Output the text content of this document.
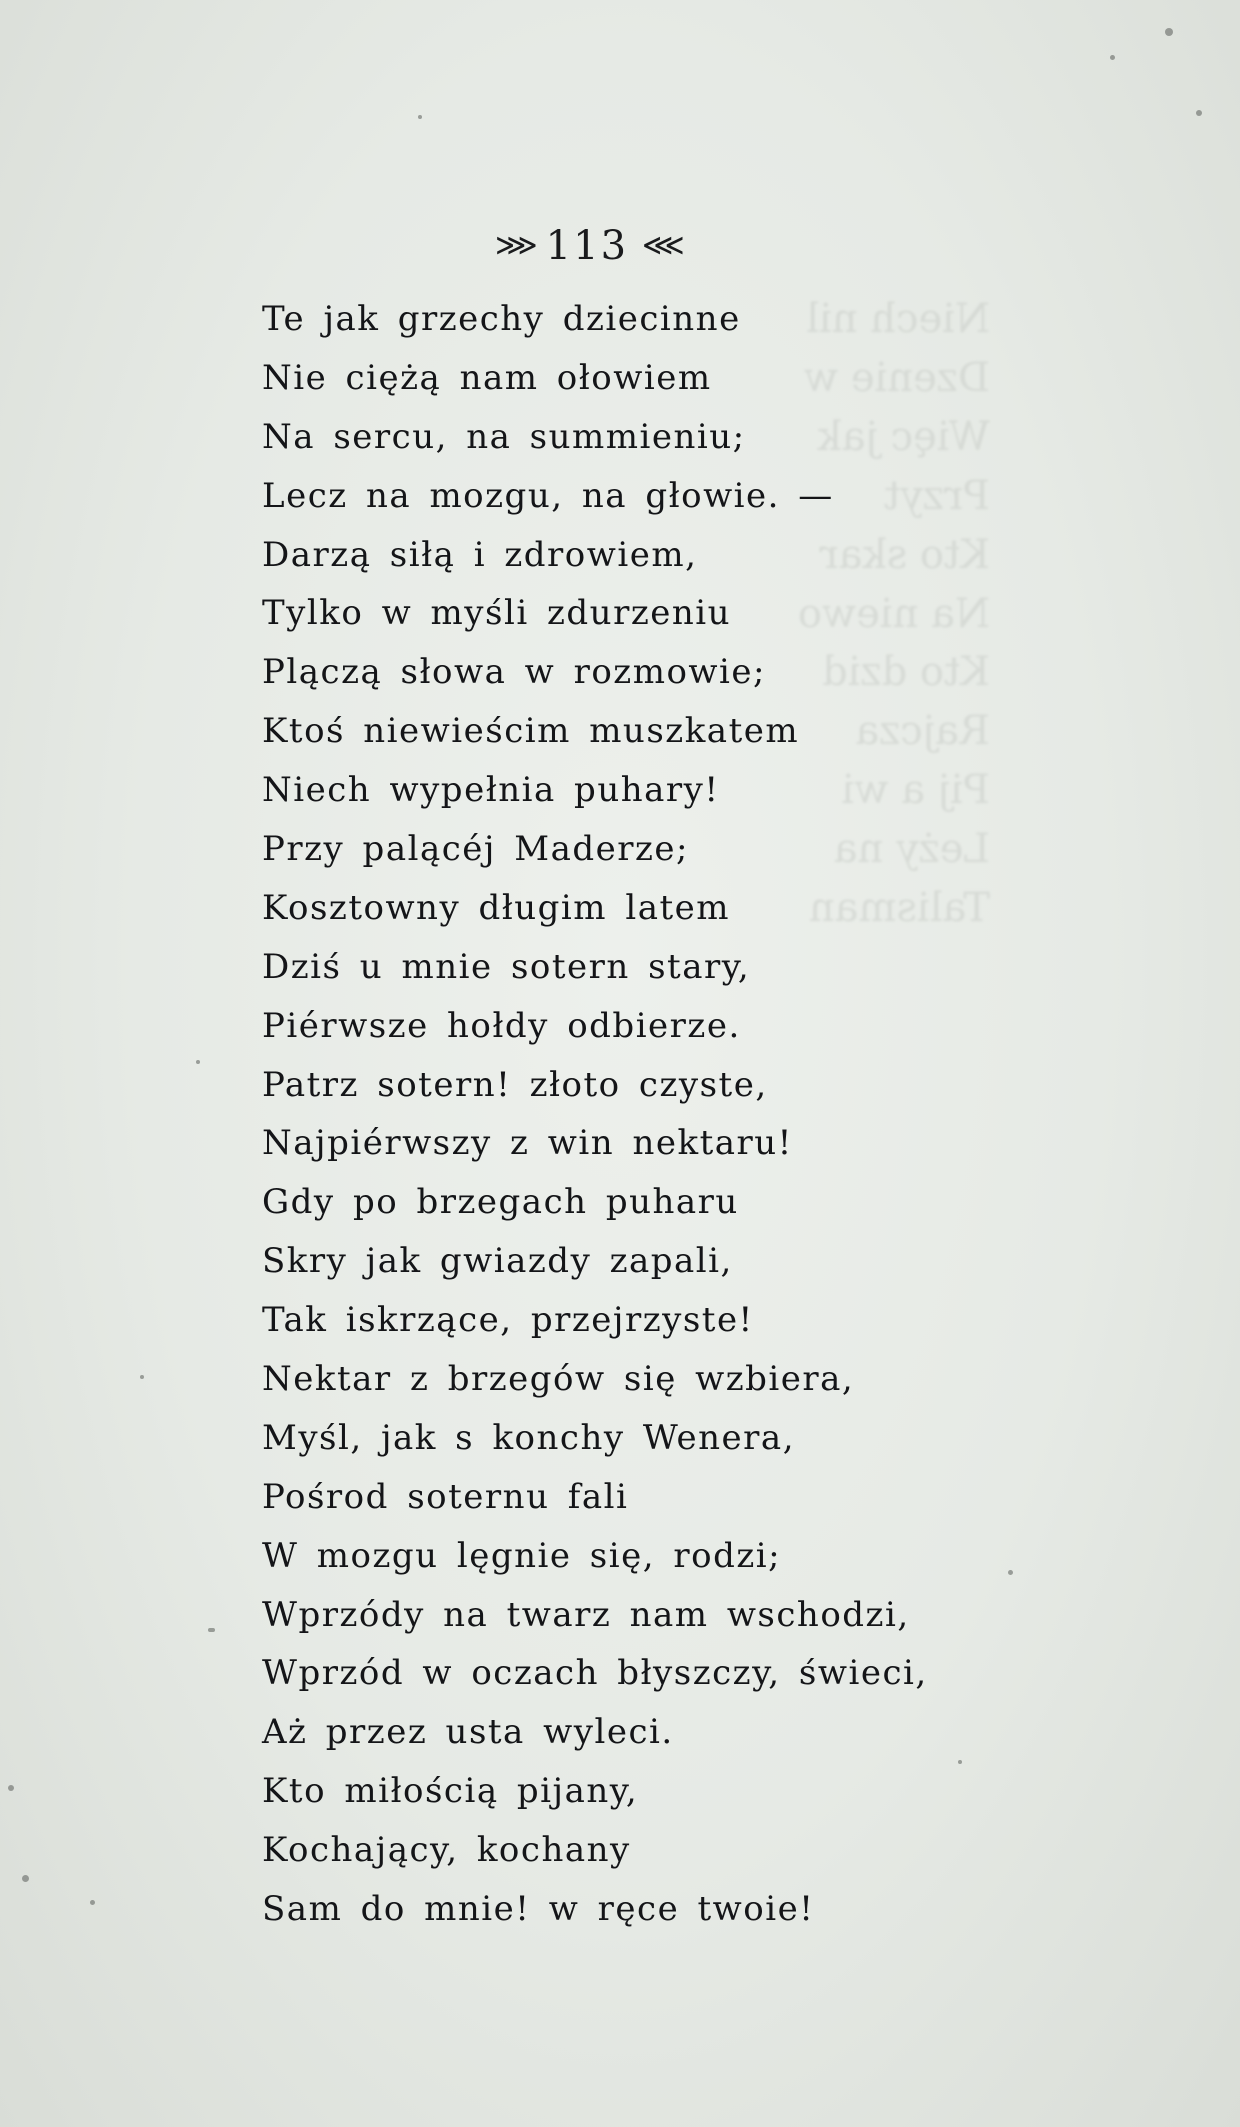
Niech nil
Dzenie w
Więc jak
Przyt
Kto skar
Na niewo
Kto dzid
Rajcza
Pij a wi
Leży na
Talisman
⋙ 113 ⋘
Te jak grzechy dziecinne
Nie ciężą nam ołowiem
Na sercu, na summieniu;
Lecz na mozgu, na głowie. —
Darzą siłą i zdrowiem,
Tylko w myśli zdurzeniu
Plączą słowa w rozmowie;
Ktoś niewieścim muszkatem
Niech wypełnia puhary!
Przy palącéj Maderze;
Kosztowny długim latem
Dziś u mnie sotern stary,
Piérwsze hołdy odbierze.
Patrz sotern! złoto czyste,
Najpiérwszy z win nektaru!
Gdy po brzegach puharu
Skry jak gwiazdy zapali,
Tak iskrzące, przejrzyste!
Nektar z brzegów się wzbiera,
Myśl, jak s konchy Wenera,
Pośrod soternu fali
W mozgu lęgnie się, rodzi;
Wprzódy na twarz nam wschodzi,
Wprzód w oczach błyszczy, świeci,
Aż przez usta wyleci.
Kto miłością pijany,
Kochający, kochany
Sam do mnie! w ręce twoie!
